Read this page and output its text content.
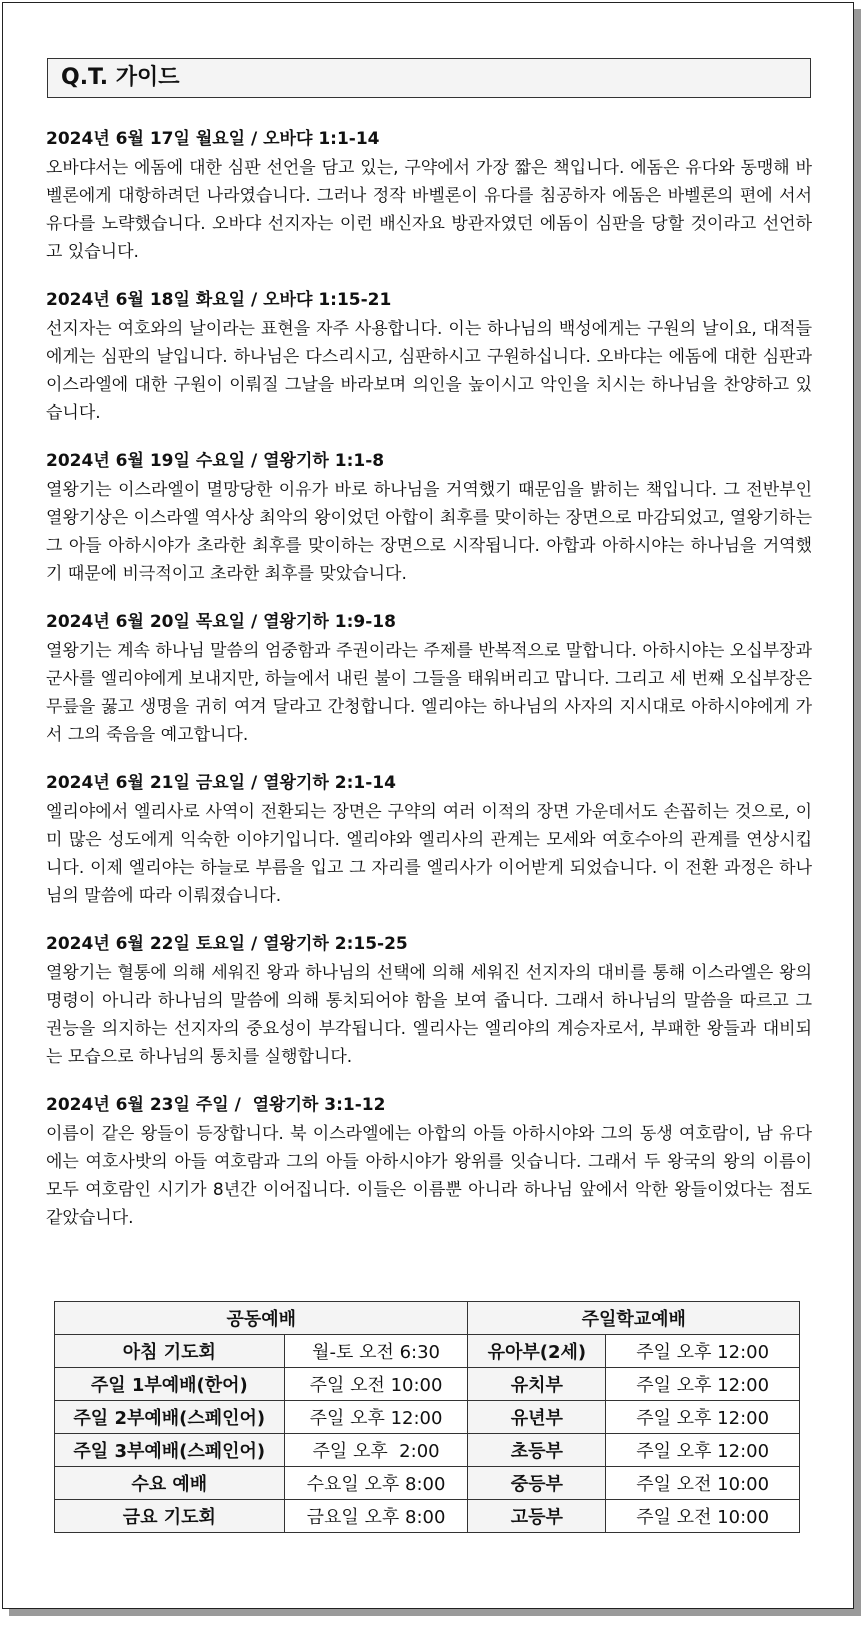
Q.T. 가이드
2024년 6월 17일 월요일 / 오바댜 1:1-14

오바댜서는 에돔에 대한 심판 선언을 담고 있는, 구약에서 가장 짧은 책입니다. 에돔은 유다와 동맹해 바벨론에게 대항하려던 나라였습니다. 그러나 정작 바벨론이 유다를 침공하자 에돔은 바벨론의 편에 서서 유다를 노략했습니다. 오바댜 선지자는 이런 배신자요 방관자였던 에돔이 심판을 당할 것이라고 선언하고 있습니다.

2024년 6월 18일 화요일 / 오바댜 1:15-21

선지자는 여호와의 날이라는 표현을 자주 사용합니다. 이는 하나님의 백성에게는 구원의 날이요, 대적들에게는 심판의 날입니다. 하나님은 다스리시고, 심판하시고 구원하십니다. 오바댜는 에돔에 대한 심판과 이스라엘에 대한 구원이 이뤄질 그날을 바라보며 의인을 높이시고 악인을 치시는 하나님을 찬양하고 있습니다.

2024년 6월 19일 수요일 / 열왕기하 1:1-8

열왕기는 이스라엘이 멸망당한 이유가 바로 하나님을 거역했기 때문임을 밝히는 책입니다. 그 전반부인 열왕기상은 이스라엘 역사상 최악의 왕이었던 아합이 최후를 맞이하는 장면으로 마감되었고, 열왕기하는 그 아들 아하시야가 초라한 최후를 맞이하는 장면으로 시작됩니다. 아합과 아하시야는 하나님을 거역했기 때문에 비극적이고 초라한 최후를 맞았습니다.

2024년 6월 20일 목요일 / 열왕기하 1:9-18

열왕기는 계속 하나님 말씀의 엄중함과 주권이라는 주제를 반복적으로 말합니다. 아하시야는 오십부장과 군사를 엘리야에게 보내지만, 하늘에서 내린 불이 그들을 태워버리고 맙니다. 그리고 세 번째 오십부장은 무릎을 꿇고 생명을 귀히 여겨 달라고 간청합니다. 엘리야는 하나님의 사자의 지시대로 아하시야에게 가서 그의 죽음을 예고합니다.

2024년 6월 21일 금요일 / 열왕기하 2:1-14

엘리야에서 엘리사로 사역이 전환되는 장면은 구약의 여러 이적의 장면 가운데서도 손꼽히는 것으로, 이미 많은 성도에게 익숙한 이야기입니다. 엘리야와 엘리사의 관계는 모세와 여호수아의 관계를 연상시킵니다. 이제 엘리야는 하늘로 부름을 입고 그 자리를 엘리사가 이어받게 되었습니다. 이 전환 과정은 하나님의 말씀에 따라 이뤄졌습니다.

2024년 6월 22일 토요일 / 열왕기하 2:15-25

열왕기는 혈통에 의해 세워진 왕과 하나님의 선택에 의해 세워진 선지자의 대비를 통해 이스라엘은 왕의 명령이 아니라 하나님의 말씀에 의해 통치되어야 함을 보여 줍니다. 그래서 하나님의 말씀을 따르고 그 권능을 의지하는 선지자의 중요성이 부각됩니다. 엘리사는 엘리야의 계승자로서, 부패한 왕들과 대비되는 모습으로 하나님의 통치를 실행합니다.

2024년 6월 23일 주일 /  열왕기하 3:1-12

이름이 같은 왕들이 등장합니다. 북 이스라엘에는 아합의 아들 아하시야와 그의 동생 여호람이, 남 유다에는 여호사밧의 아들 여호람과 그의 아들 아하시야가 왕위를 잇습니다. 그래서 두 왕국의 왕의 이름이 모두 여호람인 시기가 8년간 이어집니다. 이들은 이름뿐 아니라 하나님 앞에서 악한 왕들이었다는 점도 같았습니다.

공동예배		주일학교예배	
아침 기도회	월-토 오전 6:30	유아부(2세)	주일 오후 12:00
주일 1부예배(한어)	주일 오전 10:00	유치부	주일 오후 12:00
주일 2부예배(스페인어)	주일 오후 12:00	유년부	주일 오후 12:00
주일 3부예배(스페인어)	주일 오후  2:00	초등부	주일 오후 12:00
수요 예배	수요일 오후 8:00	중등부	주일 오전 10:00
금요 기도회	금요일 오후 8:00	고등부	주일 오전 10:00
